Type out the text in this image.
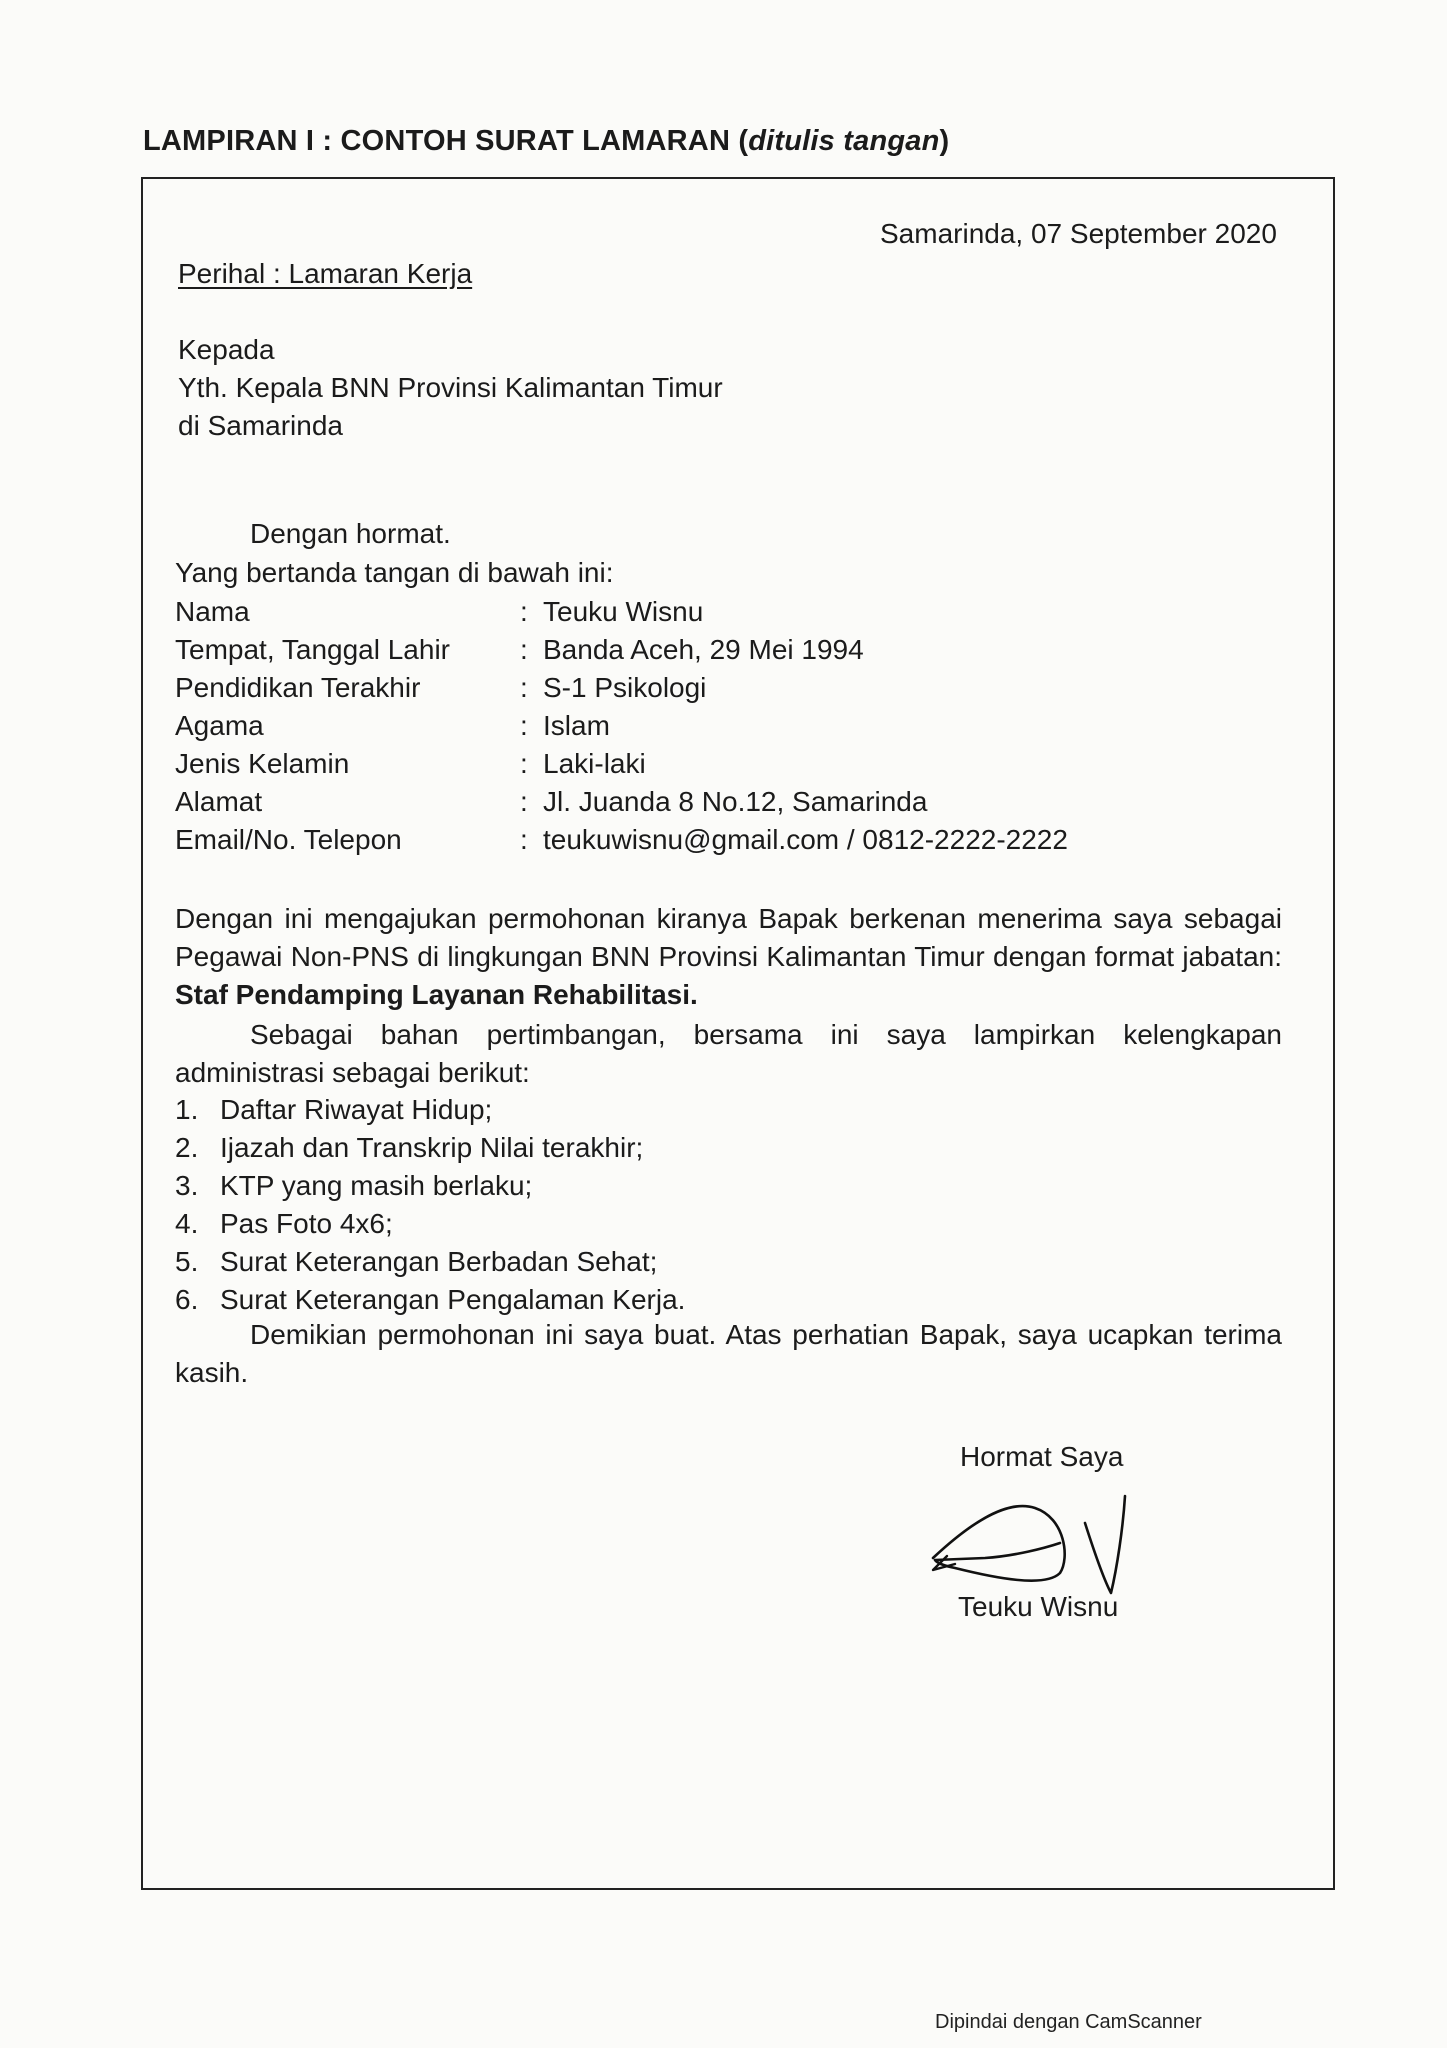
LAMPIRAN I : CONTOH SURAT LAMARAN (ditulis tangan)
Samarinda, 07 September 2020
Perihal : Lamaran Kerja
Kepada
Yth. Kepala BNN Provinsi Kalimantan Timur
di Samarinda
Dengan hormat.
Yang bertanda tangan di bawah ini:
Nama	:	Teuku Wisnu
Tempat, Tanggal Lahir	:	Banda Aceh, 29 Mei 1994
Pendidikan Terakhir	:	S-1 Psikologi
Agama	:	Islam
Jenis Kelamin	:	Laki-laki
Alamat	:	Jl. Juanda 8 No.12, Samarinda
Email/No. Telepon	:	teukuwisnu@gmail.com / 0812-2222-2222
Dengan ini mengajukan permohonan kiranya Bapak berkenan menerima saya sebagai Pegawai Non-PNS di lingkungan BNN Provinsi Kalimantan Timur dengan format jabatan: Staf Pendamping Layanan Rehabilitasi.
Sebagai bahan pertimbangan, bersama ini saya lampirkan kelengkapan administrasi sebagai berikut:
1. Daftar Riwayat Hidup;
2. Ijazah dan Transkrip Nilai terakhir;
3. KTP yang masih berlaku;
4. Pas Foto 4x6;
5. Surat Keterangan Berbadan Sehat;
6. Surat Keterangan Pengalaman Kerja.
Demikian permohonan ini saya buat. Atas perhatian Bapak, saya ucapkan terima kasih.
Hormat Saya
Teuku Wisnu
Dipindai dengan CamScanner
